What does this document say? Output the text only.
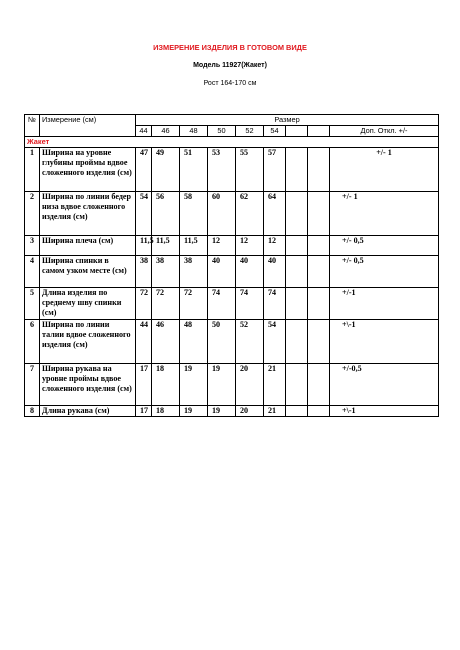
ИЗМЕРЕНИЕ ИЗДЕЛИЯ В ГОТОВОМ ВИДЕ
Модель 11927(Жакет)
Рост 164-170 см
№	Измерение (см)	Размер								
		44	46	48	50	52	54			Доп. Откл. +/-
Жакет										
1	Ширина на уровне глубины проймы вдвое сложенного изделия (см)	47	49	51	53	55	57			+/- 1
2	Ширина по линии бедер низа вдвое сложенного изделия (см)	54	56	58	60	62	64			+/- 1
3	Ширина плеча (см)	11,5	11,5	11,5	12	12	12			+/- 0,5
4	Ширина спинки в самом узком месте (см)	38	38	38	40	40	40			+/- 0,5
5	Длина изделия по среднему шву спинки (см)	72	72	72	74	74	74			+/-1
6	Ширина по линии талии вдвое сложенного изделия (см)	44	46	48	50	52	54			+\-1
7	Ширина рукава на уровне проймы вдвое сложенного изделия (см)	17	18	19	19	20	21			+/-0,5
8	Длина рукава (см)	17	18	19	19	20	21			+\-1
